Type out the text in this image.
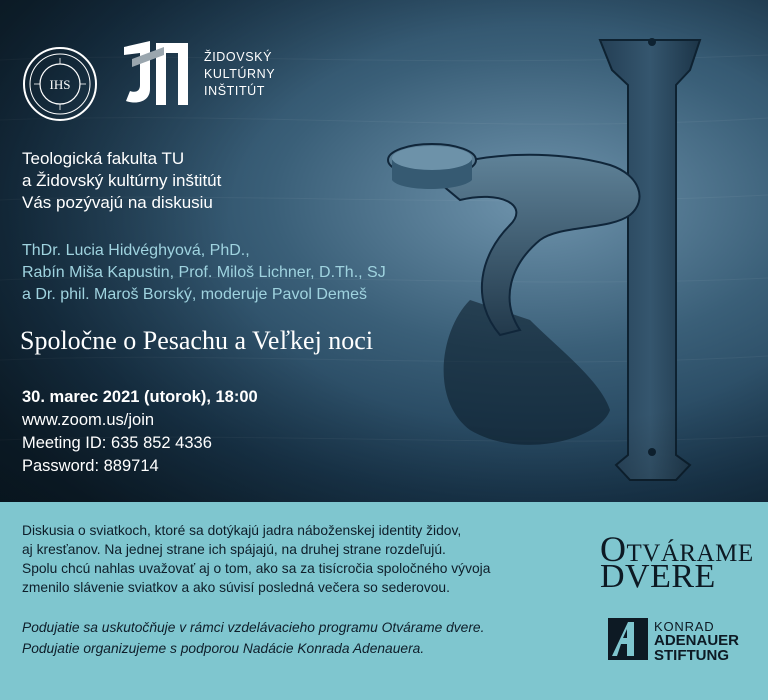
IHS
ŽIDOVSKÝ
KULTÚRNY
INŠTITÚT
Teologická fakulta TU
a Židovský kultúrny inštitút
Vás pozývajú na diskusiu
ThDr. Lucia Hidvéghyová, PhD.,
Rabín Miša Kapustin, Prof. Miloš Lichner, D.Th., SJ
a Dr. phil. Maroš Borský, moderuje Pavol Demeš
Spoločne o Pesachu a Veľkej noci
30. marec 2021 (utorok), 18:00
www.zoom.us/join
Meeting ID: 635 852 4336
Password: 889714
Diskusia o sviatkoch, ktoré sa dotýkajú jadra náboženskej identity židov,
aj kresťanov. Na jednej strane ich spájajú, na druhej strane rozdeľujú.
Spolu chcú nahlas uvažovať aj o tom, ako sa za tisícročia spoločného vývoja
zmenilo slávenie sviatkov a ako súvisí posledná večera so sederovou.
Podujatie sa uskutočňuje v rámci vzdelávacieho programu Otvárame dvere.
Podujatie organizujeme s podporou Nadácie Konrada Adenauera.
OTVÁRAME
DVERE
KONRAD
ADENAUER
STIFTUNG
